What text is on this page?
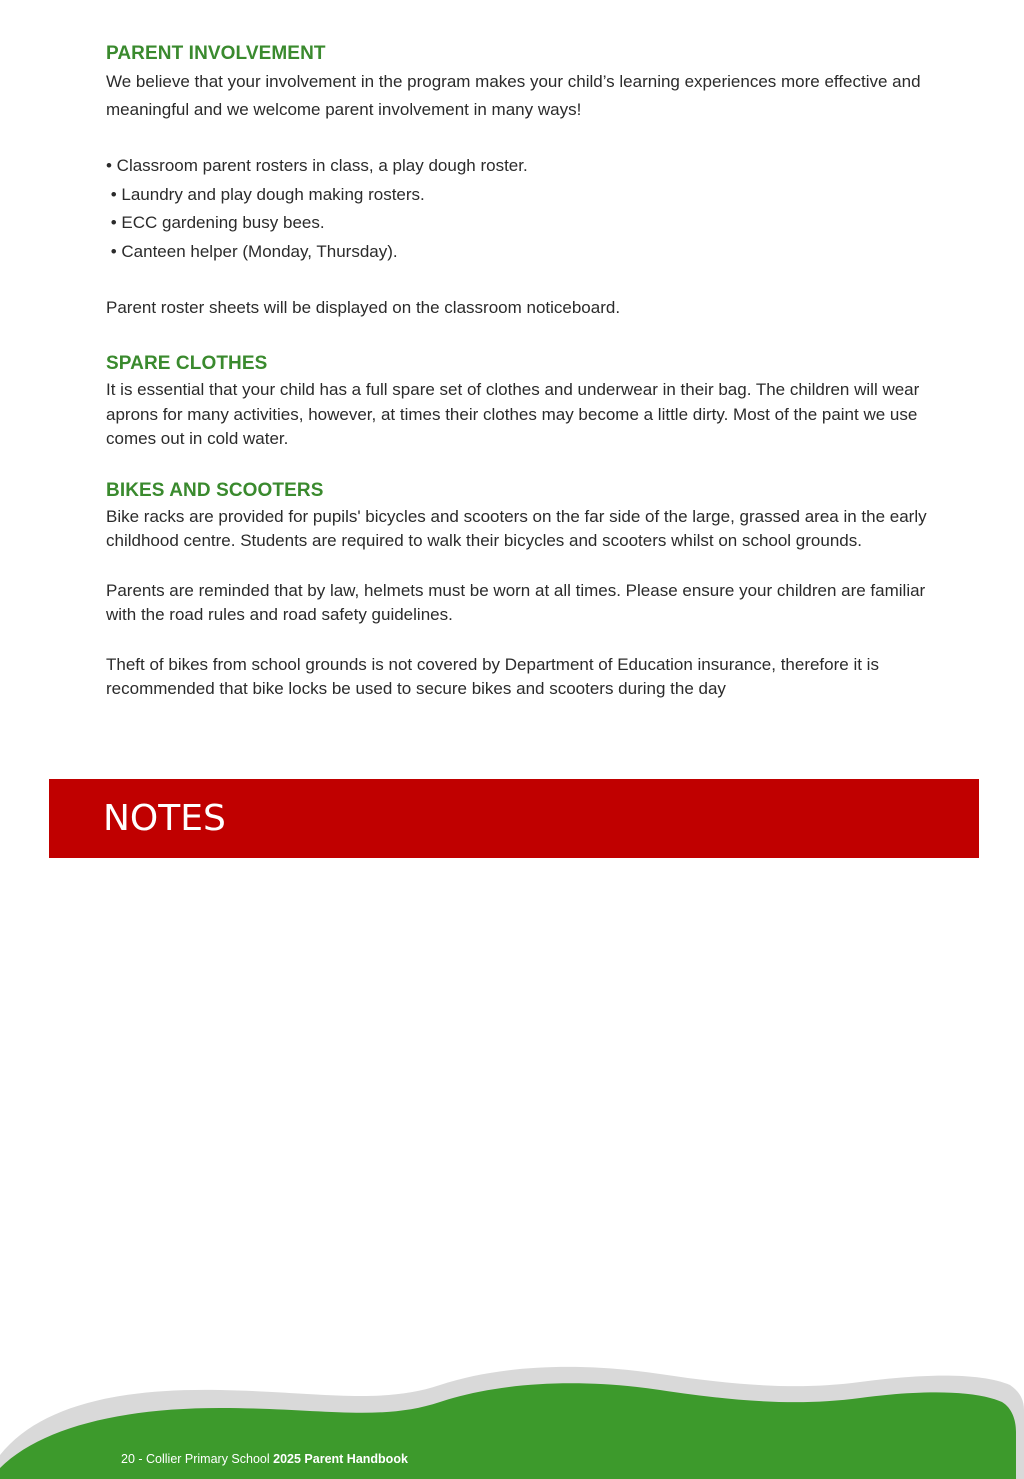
PARENT INVOLVEMENT

We believe that your involvement in the program makes your child’s learning experiences more effective and meaningful and we welcome parent involvement in many ways!

• Classroom parent rosters in class, a play dough roster.
• Laundry and play dough making rosters.
• ECC gardening busy bees.
• Canteen helper (Monday, Thursday).

Parent roster sheets will be displayed on the classroom noticeboard.

SPARE CLOTHES

It is essential that your child has a full spare set of clothes and underwear in their bag. The children will wear aprons for many activities, however, at times their clothes may become a little dirty. Most of the paint we use comes out in cold water.

BIKES AND SCOOTERS

Bike racks are provided for pupils' bicycles and scooters on the far side of the large, grassed area in the early childhood centre. Students are required to walk their bicycles and scooters whilst on school grounds.

Parents are reminded that by law, helmets must be worn at all times. Please ensure your children are familiar with the road rules and road safety guidelines.

Theft of bikes from school grounds is not covered by Department of Education insurance, therefore it is recommended that bike locks be used to secure bikes and scooters during the day

NOTES
20 - Collier Primary School 2025 Parent Handbook
